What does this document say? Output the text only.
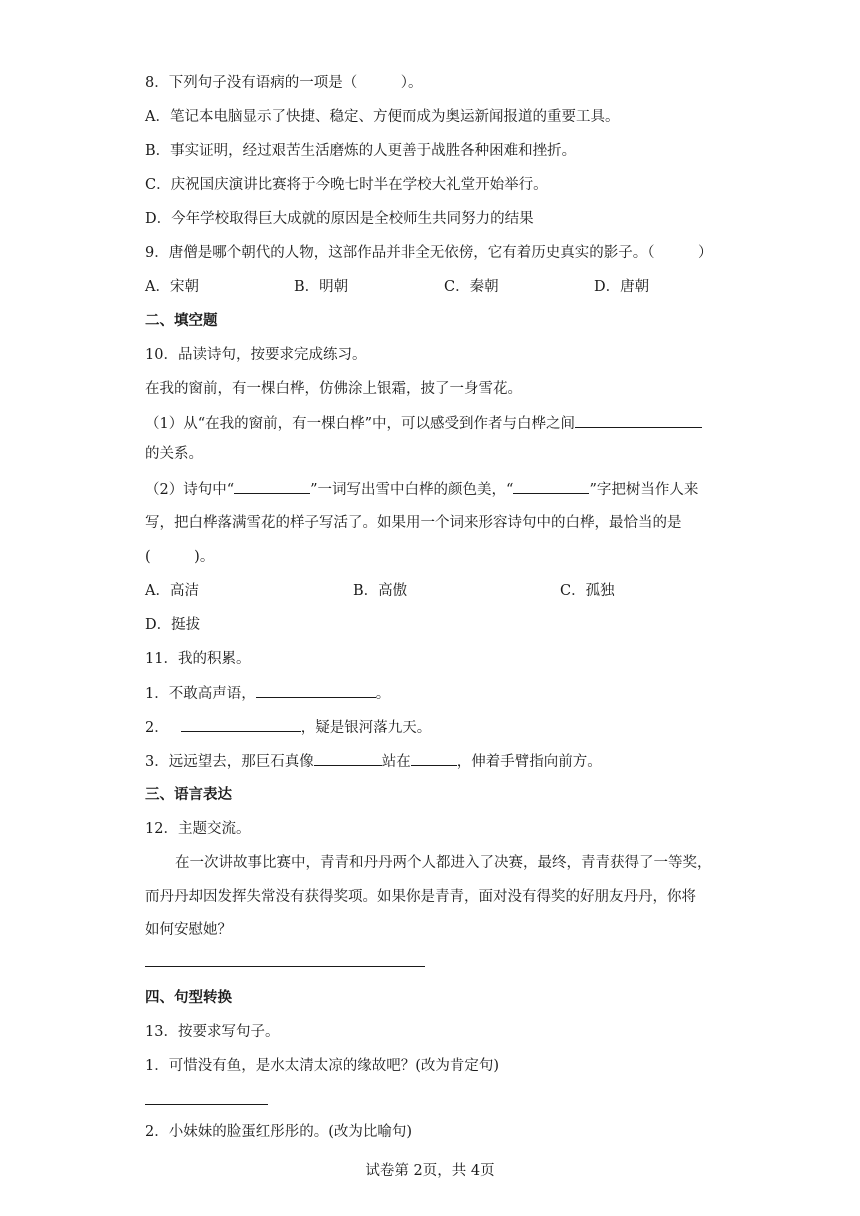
8．下列句子没有语病的一项是（　　　）。
A．笔记本电脑显示了快捷、稳定、方便而成为奥运新闻报道的重要工具。
B．事实证明，经过艰苦生活磨炼的人更善于战胜各种困难和挫折。
C．庆祝国庆演讲比赛将于今晚七时半在学校大礼堂开始举行。
D．今年学校取得巨大成就的原因是全校师生共同努力的结果
9．唐僧是哪个朝代的人物，这部作品并非全无依傍，它有着历史真实的影子。（　　　）
A．宋朝	B．明朝	C．秦朝	D．唐朝
二、填空题
10．品读诗句，按要求完成练习。
在我的窗前，有一棵白桦，仿佛涂上银霜，披了一身雪花。
（1）从“在我的窗前，有一棵白桦”中，可以感受到作者与白桦之间
的关系。
（2）诗句中“	”一词写出雪中白桦的颜色美，“	”字把树当作人来
写，把白桦落满雪花的样子写活了。如果用一个词来形容诗句中的白桦，最恰当的是
(　　　)。
A．高洁	B．高傲	C．孤独
D．挺拔
11．我的积累。
1．不敢高声语，	。
2．	，疑是银河落九天。
3．远远望去，那巨石真像	站在	，伸着手臂指向前方。
三、语言表达
12．主题交流。
在一次讲故事比赛中，青青和丹丹两个人都进入了决赛，最终，青青获得了一等奖，
而丹丹却因发挥失常没有获得奖项。如果你是青青，面对没有得奖的好朋友丹丹，你将
如何安慰她？
四、句型转换
13．按要求写句子。
1．可惜没有鱼，是水太清太凉的缘故吧？(改为肯定句)
2．小妹妹的脸蛋红彤彤的。(改为比喻句)
试卷第 2页，共 4页
